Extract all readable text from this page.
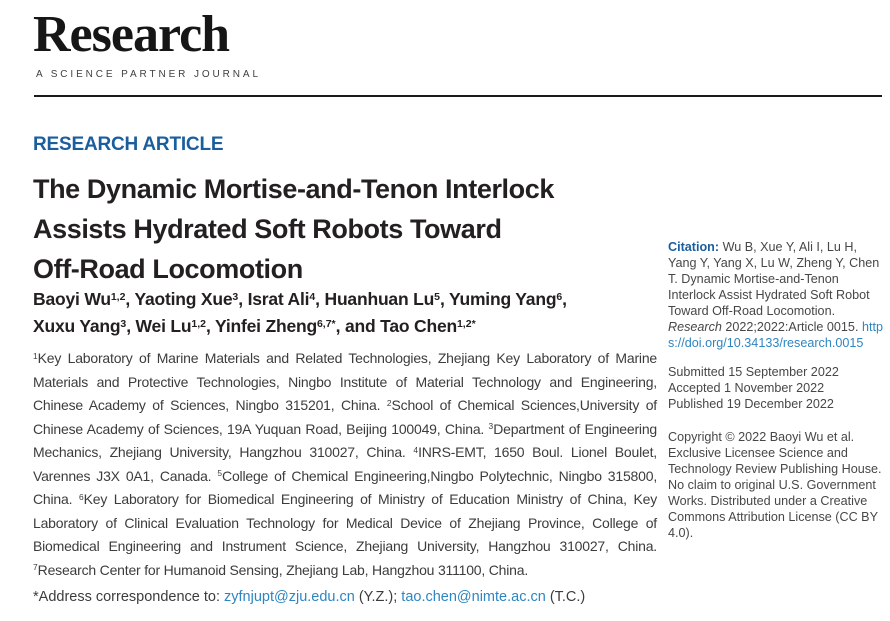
Research
A SCIENCE PARTNER JOURNAL
RESEARCH ARTICLE
The Dynamic Mortise-and-Tenon Interlock
Assists Hydrated Soft Robots Toward
Off-Road Locomotion
Baoyi Wu$^{1,2}$, Yaoting Xue$^3$, Israt Ali$^4$, Huanhuan Lu$^5$, Yuming Yang$^6$,
Xuxu Yang$^3$, Wei Lu$^{1,2}$, Yinfei Zheng$^{6,7*}$, and Tao Chen$^{1,2*}$

$^1$Key Laboratory of Marine Materials and Related Technologies, Zhejiang Key Laboratory of Marine Materials and Protective Technologies, Ningbo Institute of Material Technology and Engineering, Chinese Academy of Sciences, Ningbo 315201, China. $^2$School of Chemical Sciences,University of Chinese Academy of Sciences, 19A Yuquan Road, Beijing 100049, China. $^3$Department of Engineering Mechanics, Zhejiang University, Hangzhou 310027, China. $^4$INRS-EMT, 1650 Boul. Lionel Boulet, Varennes J3X 0A1, Canada. $^5$College of Chemical Engineering,Ningbo Polytechnic, Ningbo 315800, China. $^6$Key Laboratory for Biomedical Engineering of Ministry of Education Ministry of China, Key Laboratory of Clinical Evaluation Technology for Medical Device of Zhejiang Province, College of Biomedical Engineering and Instrument Science, Zhejiang University, Hangzhou 310027, China. $^7$Research Center for Humanoid Sensing, Zhejiang Lab, Hangzhou 311100, China.

*Address correspondence to: zyfnjupt@zju.edu.cn (Y.Z.); tao.chen@nimte.ac.cn (T.C.)

Citation: Wu B, Xue Y, Ali I, Lu H, Yang Y, Yang X, Lu W, Zheng Y, Chen T. Dynamic Mortise-and-Tenon Interlock Assist Hydrated Soft Robot Toward Off-Road Locomotion. Research 2022;2022:Article 0015. https://doi.org/10.34133/research.0015

Submitted 15 September 2022
Accepted 1 November 2022
Published 19 December 2022

Copyright © 2022 Baoyi Wu et al. Exclusive Licensee Science and Technology Review Publishing House. No claim to original U.S. Government Works. Distributed under a Creative Commons Attribution License (CC BY 4.0).
